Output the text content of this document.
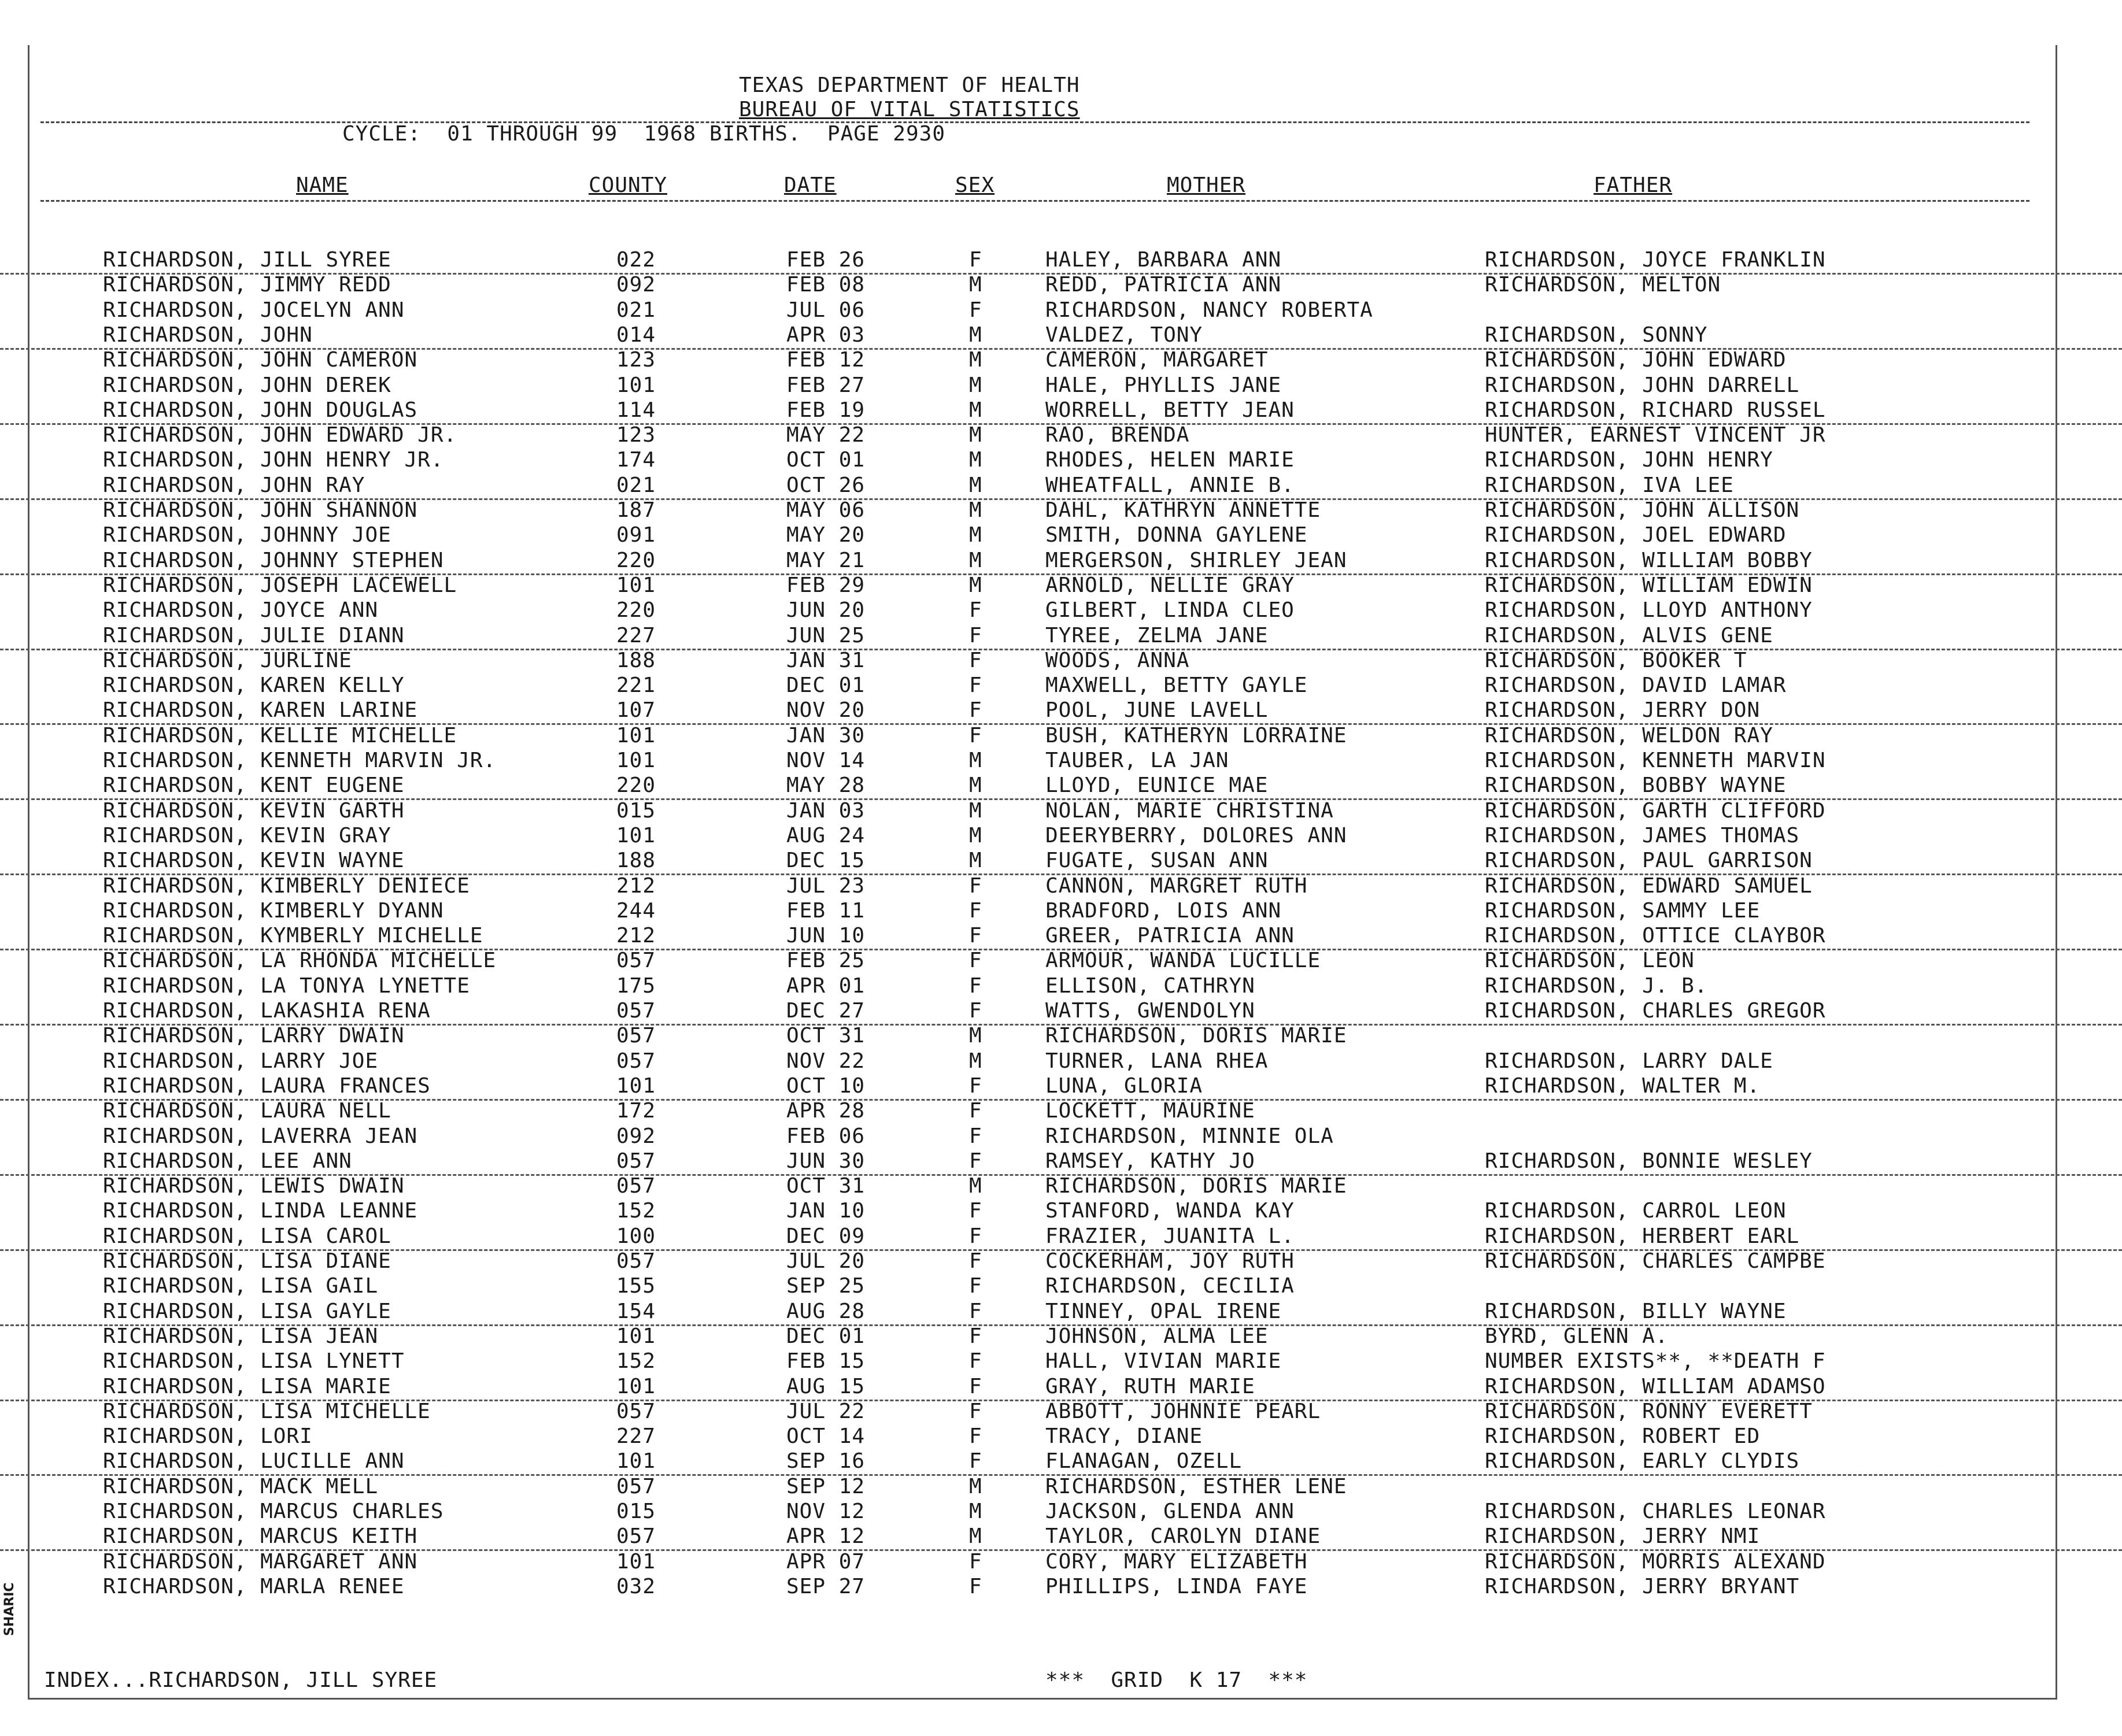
TEXAS DEPARTMENT OF HEALTH
BUREAU OF VITAL STATISTICS
CYCLE:  01 THROUGH 99  1968 BIRTHS.  PAGE 2930
NAME	COUNTY	DATE	SEX	MOTHER	FATHER
RICHARDSON, JILL SYREE	022	FEB 26	F	HALEY, BARBARA ANN	RICHARDSON, JOYCE FRANKLIN
RICHARDSON, JIMMY REDD	092	FEB 08	M	REDD, PATRICIA ANN	RICHARDSON, MELTON
RICHARDSON, JOCELYN ANN	021	JUL 06	F	RICHARDSON, NANCY ROBERTA
RICHARDSON, JOHN	014	APR 03	M	VALDEZ, TONY	RICHARDSON, SONNY
RICHARDSON, JOHN CAMERON	123	FEB 12	M	CAMERON, MARGARET	RICHARDSON, JOHN EDWARD
RICHARDSON, JOHN DEREK	101	FEB 27	M	HALE, PHYLLIS JANE	RICHARDSON, JOHN DARRELL
RICHARDSON, JOHN DOUGLAS	114	FEB 19	M	WORRELL, BETTY JEAN	RICHARDSON, RICHARD RUSSEL
RICHARDSON, JOHN EDWARD JR.	123	MAY 22	M	RAO, BRENDA	HUNTER, EARNEST VINCENT JR
RICHARDSON, JOHN HENRY JR.	174	OCT 01	M	RHODES, HELEN MARIE	RICHARDSON, JOHN HENRY
RICHARDSON, JOHN RAY	021	OCT 26	M	WHEATFALL, ANNIE B.	RICHARDSON, IVA LEE
RICHARDSON, JOHN SHANNON	187	MAY 06	M	DAHL, KATHRYN ANNETTE	RICHARDSON, JOHN ALLISON
RICHARDSON, JOHNNY JOE	091	MAY 20	M	SMITH, DONNA GAYLENE	RICHARDSON, JOEL EDWARD
RICHARDSON, JOHNNY STEPHEN	220	MAY 21	M	MERGERSON, SHIRLEY JEAN	RICHARDSON, WILLIAM BOBBY
RICHARDSON, JOSEPH LACEWELL	101	FEB 29	M	ARNOLD, NELLIE GRAY	RICHARDSON, WILLIAM EDWIN
RICHARDSON, JOYCE ANN	220	JUN 20	F	GILBERT, LINDA CLEO	RICHARDSON, LLOYD ANTHONY
RICHARDSON, JULIE DIANN	227	JUN 25	F	TYREE, ZELMA JANE	RICHARDSON, ALVIS GENE
RICHARDSON, JURLINE	188	JAN 31	F	WOODS, ANNA	RICHARDSON, BOOKER T
RICHARDSON, KAREN KELLY	221	DEC 01	F	MAXWELL, BETTY GAYLE	RICHARDSON, DAVID LAMAR
RICHARDSON, KAREN LARINE	107	NOV 20	F	POOL, JUNE LAVELL	RICHARDSON, JERRY DON
RICHARDSON, KELLIE MICHELLE	101	JAN 30	F	BUSH, KATHERYN LORRAINE	RICHARDSON, WELDON RAY
RICHARDSON, KENNETH MARVIN JR.	101	NOV 14	M	TAUBER, LA JAN	RICHARDSON, KENNETH MARVIN
RICHARDSON, KENT EUGENE	220	MAY 28	M	LLOYD, EUNICE MAE	RICHARDSON, BOBBY WAYNE
RICHARDSON, KEVIN GARTH	015	JAN 03	M	NOLAN, MARIE CHRISTINA	RICHARDSON, GARTH CLIFFORD
RICHARDSON, KEVIN GRAY	101	AUG 24	M	DEERYBERRY, DOLORES ANN	RICHARDSON, JAMES THOMAS
RICHARDSON, KEVIN WAYNE	188	DEC 15	M	FUGATE, SUSAN ANN	RICHARDSON, PAUL GARRISON
RICHARDSON, KIMBERLY DENIECE	212	JUL 23	F	CANNON, MARGRET RUTH	RICHARDSON, EDWARD SAMUEL
RICHARDSON, KIMBERLY DYANN	244	FEB 11	F	BRADFORD, LOIS ANN	RICHARDSON, SAMMY LEE
RICHARDSON, KYMBERLY MICHELLE	212	JUN 10	F	GREER, PATRICIA ANN	RICHARDSON, OTTICE CLAYBOR
RICHARDSON, LA RHONDA MICHELLE	057	FEB 25	F	ARMOUR, WANDA LUCILLE	RICHARDSON, LEON
RICHARDSON, LA TONYA LYNETTE	175	APR 01	F	ELLISON, CATHRYN	RICHARDSON, J. B.
RICHARDSON, LAKASHIA RENA	057	DEC 27	F	WATTS, GWENDOLYN	RICHARDSON, CHARLES GREGOR
RICHARDSON, LARRY DWAIN	057	OCT 31	M	RICHARDSON, DORIS MARIE
RICHARDSON, LARRY JOE	057	NOV 22	M	TURNER, LANA RHEA	RICHARDSON, LARRY DALE
RICHARDSON, LAURA FRANCES	101	OCT 10	F	LUNA, GLORIA	RICHARDSON, WALTER M.
RICHARDSON, LAURA NELL	172	APR 28	F	LOCKETT, MAURINE
RICHARDSON, LAVERRA JEAN	092	FEB 06	F	RICHARDSON, MINNIE OLA
RICHARDSON, LEE ANN	057	JUN 30	F	RAMSEY, KATHY JO	RICHARDSON, BONNIE WESLEY
RICHARDSON, LEWIS DWAIN	057	OCT 31	M	RICHARDSON, DORIS MARIE
RICHARDSON, LINDA LEANNE	152	JAN 10	F	STANFORD, WANDA KAY	RICHARDSON, CARROL LEON
RICHARDSON, LISA CAROL	100	DEC 09	F	FRAZIER, JUANITA L.	RICHARDSON, HERBERT EARL
RICHARDSON, LISA DIANE	057	JUL 20	F	COCKERHAM, JOY RUTH	RICHARDSON, CHARLES CAMPBE
RICHARDSON, LISA GAIL	155	SEP 25	F	RICHARDSON, CECILIA
RICHARDSON, LISA GAYLE	154	AUG 28	F	TINNEY, OPAL IRENE	RICHARDSON, BILLY WAYNE
RICHARDSON, LISA JEAN	101	DEC 01	F	JOHNSON, ALMA LEE	BYRD, GLENN A.
RICHARDSON, LISA LYNETT	152	FEB 15	F	HALL, VIVIAN MARIE	NUMBER EXISTS**, **DEATH F
RICHARDSON, LISA MARIE	101	AUG 15	F	GRAY, RUTH MARIE	RICHARDSON, WILLIAM ADAMSO
RICHARDSON, LISA MICHELLE	057	JUL 22	F	ABBOTT, JOHNNIE PEARL	RICHARDSON, RONNY EVERETT
RICHARDSON, LORI	227	OCT 14	F	TRACY, DIANE	RICHARDSON, ROBERT ED
RICHARDSON, LUCILLE ANN	101	SEP 16	F	FLANAGAN, OZELL	RICHARDSON, EARLY CLYDIS
RICHARDSON, MACK MELL	057	SEP 12	M	RICHARDSON, ESTHER LENE
RICHARDSON, MARCUS CHARLES	015	NOV 12	M	JACKSON, GLENDA ANN	RICHARDSON, CHARLES LEONAR
RICHARDSON, MARCUS KEITH	057	APR 12	M	TAYLOR, CAROLYN DIANE	RICHARDSON, JERRY NMI
RICHARDSON, MARGARET ANN	101	APR 07	F	CORY, MARY ELIZABETH	RICHARDSON, MORRIS ALEXAND
RICHARDSON, MARLA RENEE	032	SEP 27	F	PHILLIPS, LINDA FAYE	RICHARDSON, JERRY BRYANT
INDEX...RICHARDSON, JILL SYREE	***  GRID  K 17  ***
SHARIC
